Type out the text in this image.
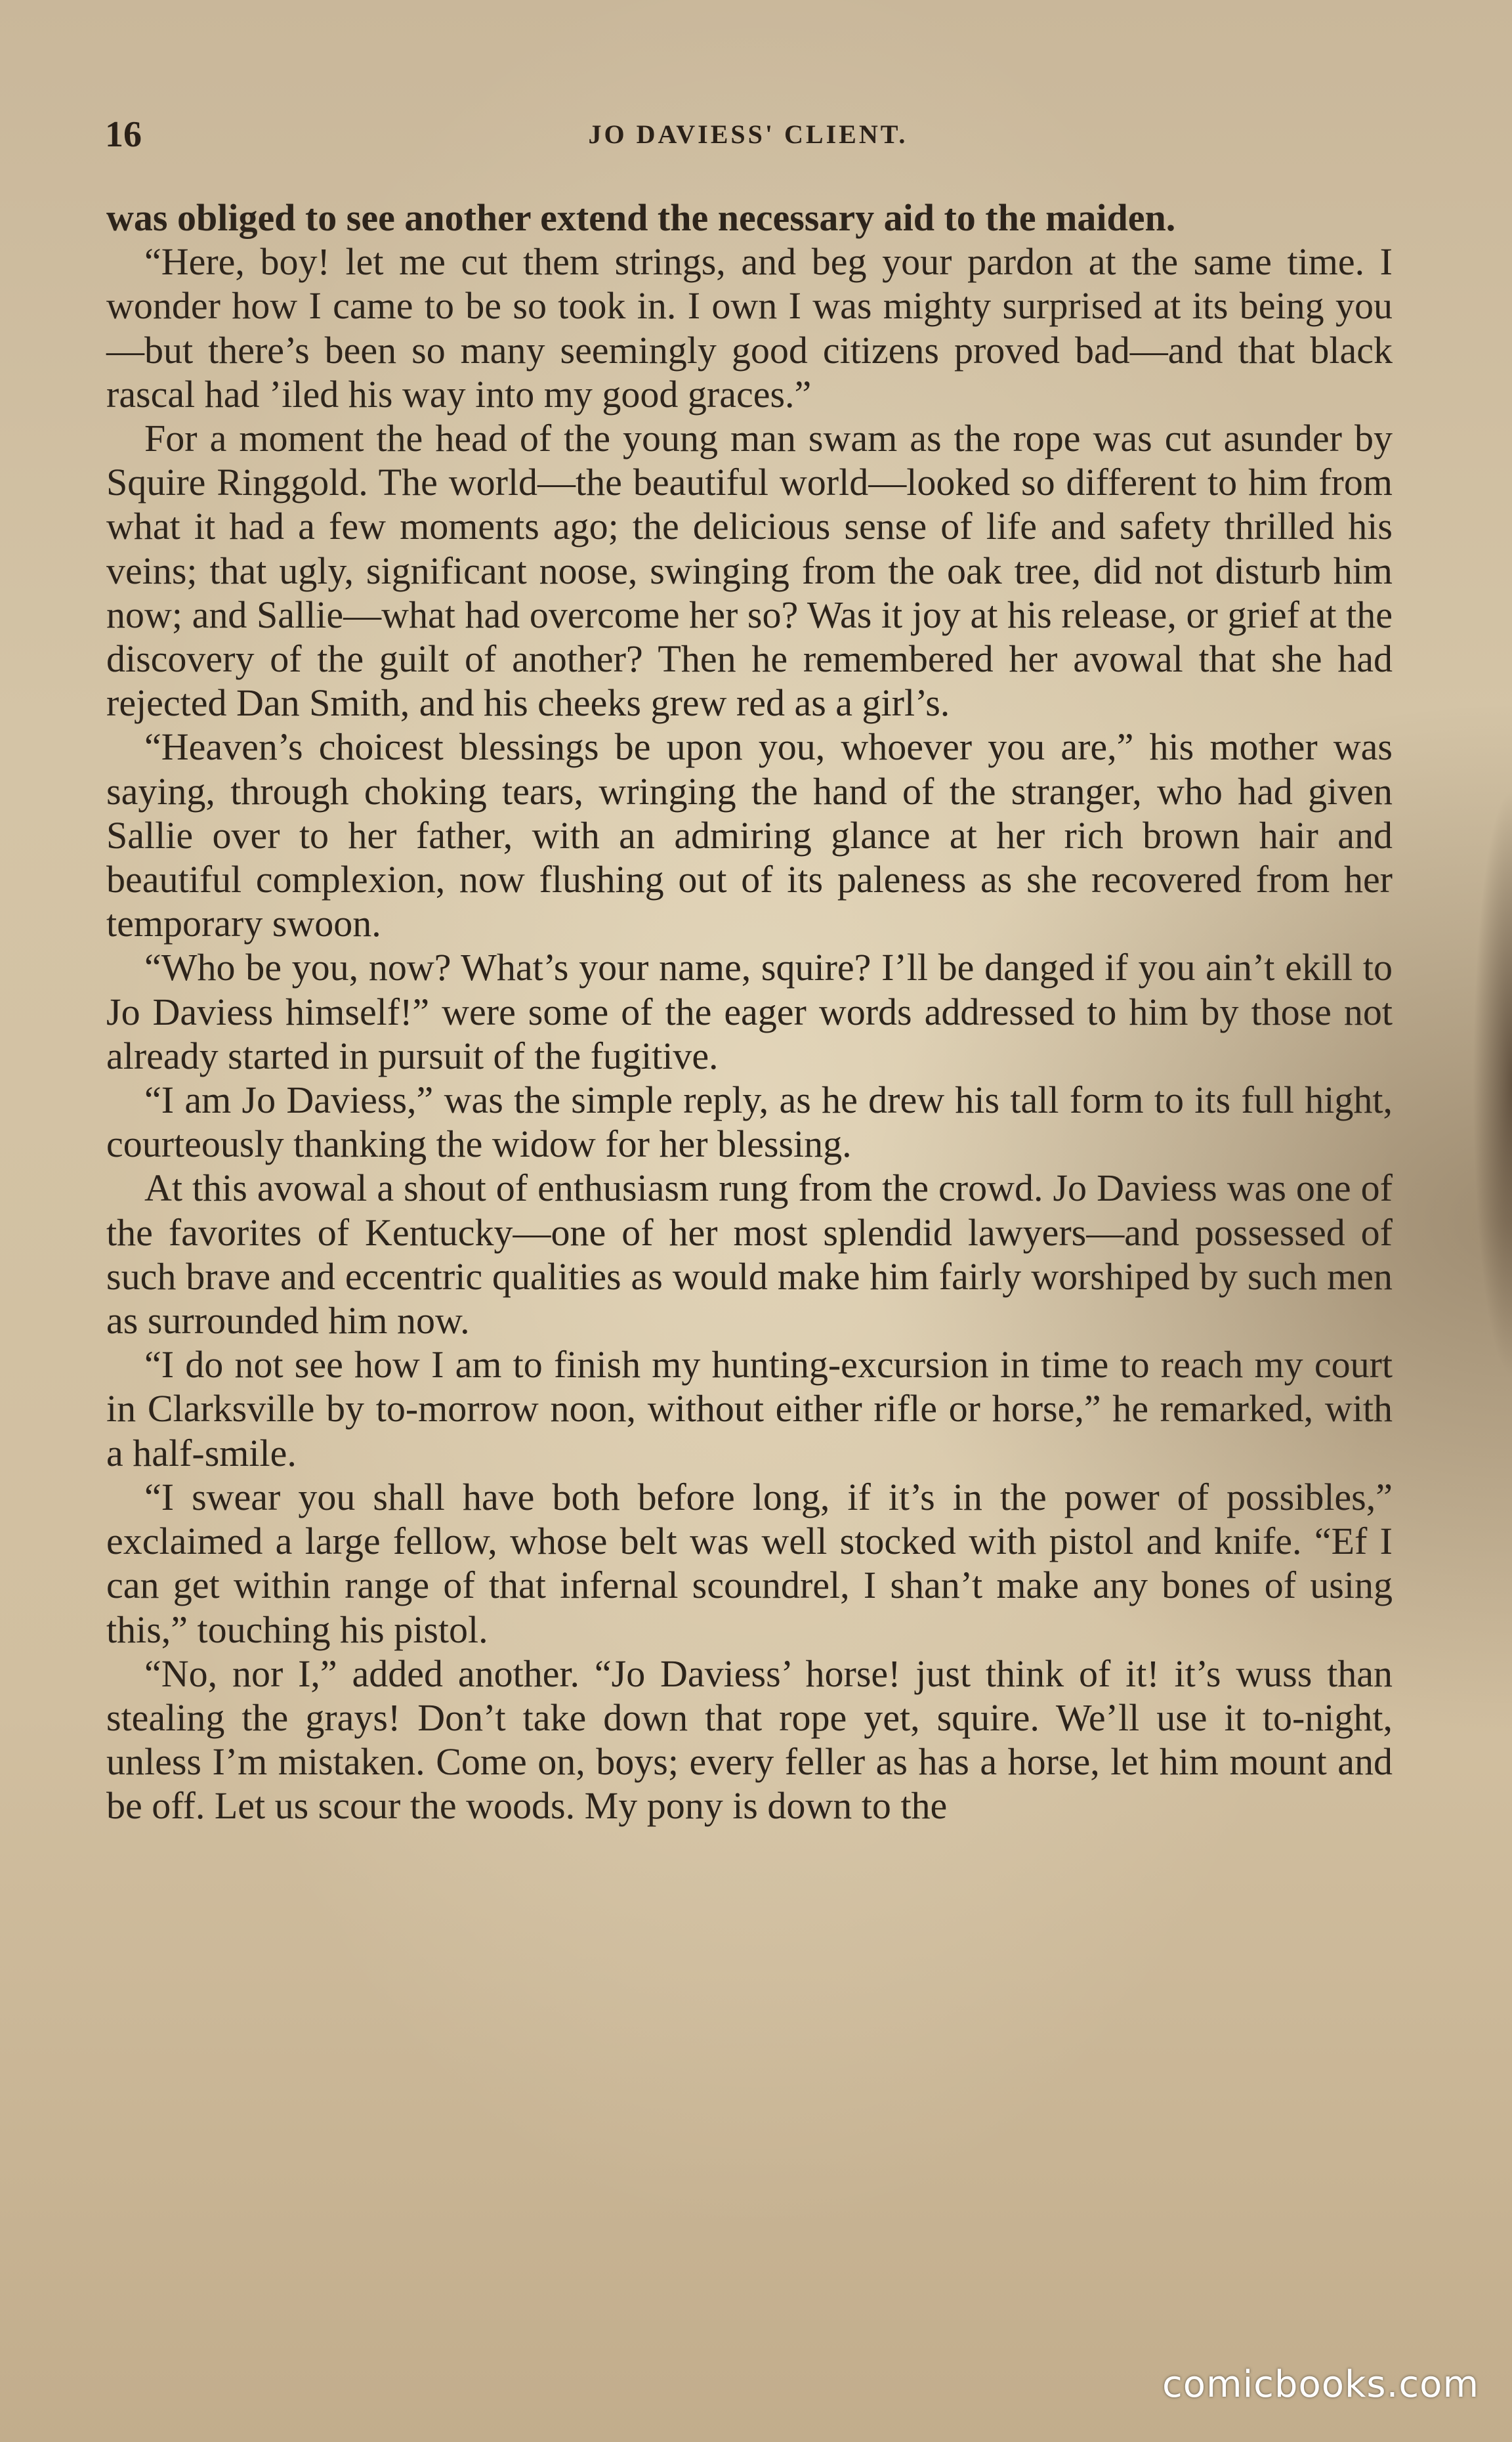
16	JO DAVIESS' CLIENT.

was obliged to see another extend the necessary aid to the maiden.

“Here, boy! let me cut them strings, and beg your pardon at the same time. I wonder how I came to be so took in. I own I was mighty surprised at its being you—but there’s been so many seemingly good citizens proved bad—and that black rascal had ’iled his way into my good graces.”

For a moment the head of the young man swam as the rope was cut asunder by Squire Ringgold. The world—the beautiful world—looked so different to him from what it had a few moments ago; the delicious sense of life and safety thrilled his veins; that ugly, significant noose, swinging from the oak tree, did not disturb him now; and Sallie—what had overcome her so? Was it joy at his release, or grief at the discovery of the guilt of another? Then he remembered her avowal that she had rejected Dan Smith, and his cheeks grew red as a girl’s.

“Heaven’s choicest blessings be upon you, whoever you are,” his mother was saying, through choking tears, wringing the hand of the stranger, who had given Sallie over to her father, with an admiring glance at her rich brown hair and beautiful complexion, now flushing out of its paleness as she recovered from her temporary swoon.

“Who be you, now? What’s your name, squire? I’ll be danged if you ain’t ekill to Jo Daviess himself!” were some of the eager words addressed to him by those not already started in pursuit of the fugitive.

“I am Jo Daviess,” was the simple reply, as he drew his tall form to its full hight, courteously thanking the widow for her blessing.

At this avowal a shout of enthusiasm rung from the crowd. Jo Daviess was one of the favorites of Kentucky—one of her most splendid lawyers—and possessed of such brave and eccentric qualities as would make him fairly worshiped by such men as surrounded him now.

“I do not see how I am to finish my hunting-excursion in time to reach my court in Clarksville by to-morrow noon, without either rifle or horse,” he remarked, with a half-smile.

“I swear you shall have both before long, if it’s in the power of possibles,” exclaimed a large fellow, whose belt was well stocked with pistol and knife. “Ef I can get within range of that infernal scoundrel, I shan’t make any bones of using this,” touching his pistol.

“No, nor I,” added another. “Jo Daviess’ horse! just think of it! it’s wuss than stealing the grays! Don’t take down that rope yet, squire. We’ll use it to-night, unless I’m mistaken. Come on, boys; every feller as has a horse, let him mount and be off. Let us scour the woods. My pony is down to the

comicbooks.com
